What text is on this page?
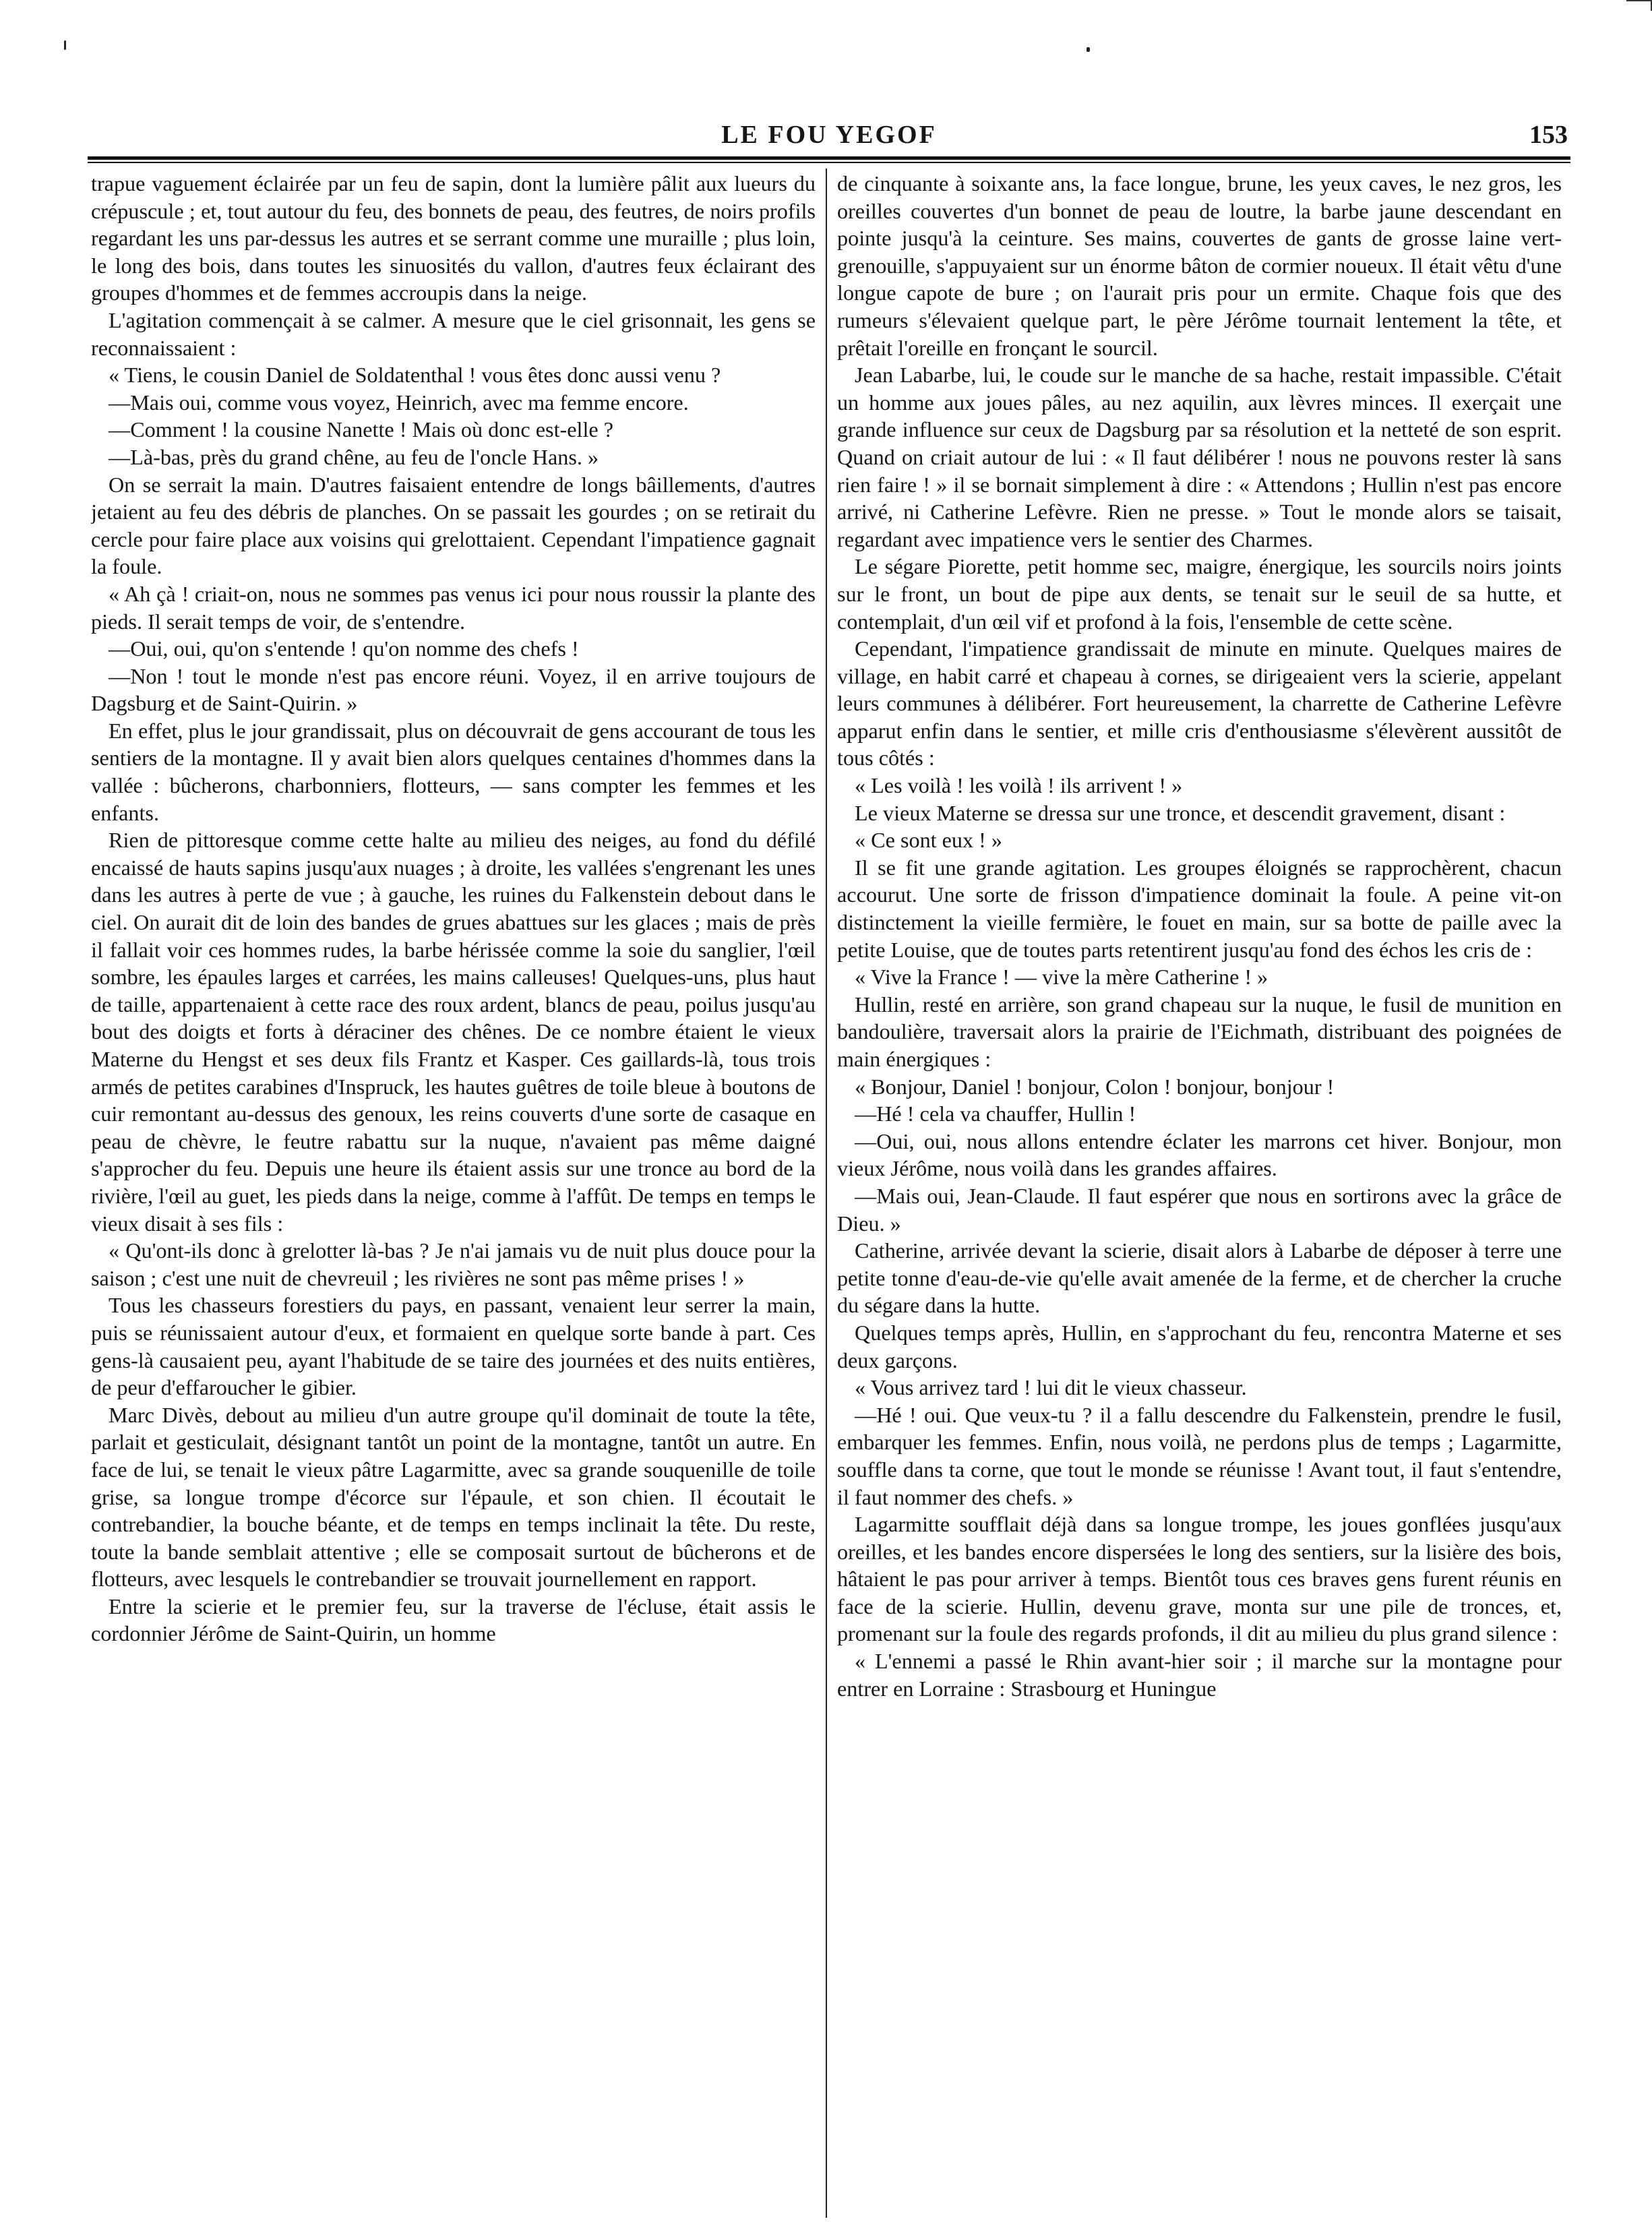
LE FOU YEGOF	153

trapue vaguement éclairée par un feu de sapin, dont la lumière pâlit aux lueurs du crépuscule ; et, tout autour du feu, des bonnets de peau, des feutres, de noirs profils regardant les uns par-dessus les autres et se serrant comme une muraille ; plus loin, le long des bois, dans toutes les sinuosités du vallon, d'autres feux éclairant des groupes d'hommes et de femmes accroupis dans la neige.

L'agitation commençait à se calmer. A mesure que le ciel grisonnait, les gens se reconnaissaient :

« Tiens, le cousin Daniel de Soldatenthal ! vous êtes donc aussi venu ?

—Mais oui, comme vous voyez, Heinrich, avec ma femme encore.

—Comment ! la cousine Nanette ! Mais où donc est-elle ?

—Là-bas, près du grand chêne, au feu de l'oncle Hans. »

On se serrait la main. D'autres faisaient entendre de longs bâillements, d'autres jetaient au feu des débris de planches. On se passait les gourdes ; on se retirait du cercle pour faire place aux voisins qui grelottaient. Cependant l'impatience gagnait la foule.

« Ah çà ! criait-on, nous ne sommes pas venus ici pour nous roussir la plante des pieds. Il serait temps de voir, de s'entendre.

—Oui, oui, qu'on s'entende ! qu'on nomme des chefs !

—Non ! tout le monde n'est pas encore réuni. Voyez, il en arrive toujours de Dagsburg et de Saint-Quirin. »

En effet, plus le jour grandissait, plus on découvrait de gens accourant de tous les sentiers de la montagne. Il y avait bien alors quelques centaines d'hommes dans la vallée : bûcherons, charbonniers, flotteurs, — sans compter les femmes et les enfants.

Rien de pittoresque comme cette halte au milieu des neiges, au fond du défilé encaissé de hauts sapins jusqu'aux nuages ; à droite, les vallées s'engrenant les unes dans les autres à perte de vue ; à gauche, les ruines du Falkenstein debout dans le ciel. On aurait dit de loin des bandes de grues abattues sur les glaces ; mais de près il fallait voir ces hommes rudes, la barbe hérissée comme la soie du sanglier, l'œil sombre, les épaules larges et carrées, les mains calleuses! Quelques-uns, plus haut de taille, appartenaient à cette race des roux ardent, blancs de peau, poilus jusqu'au bout des doigts et forts à déraciner des chênes. De ce nombre étaient le vieux Materne du Hengst et ses deux fils Frantz et Kasper. Ces gaillards-là, tous trois armés de petites carabines d'Inspruck, les hautes guêtres de toile bleue à boutons de cuir remontant au-dessus des genoux, les reins couverts d'une sorte de casaque en peau de chèvre, le feutre rabattu sur la nuque, n'avaient pas même daigné s'approcher du feu. Depuis une heure ils étaient assis sur une tronce au bord de la rivière, l'œil au guet, les pieds dans la neige, comme à l'affût. De temps en temps le vieux disait à ses fils :

« Qu'ont-ils donc à grelotter là-bas ? Je n'ai jamais vu de nuit plus douce pour la saison ; c'est une nuit de chevreuil ; les rivières ne sont pas même prises ! »

Tous les chasseurs forestiers du pays, en passant, venaient leur serrer la main, puis se réunissaient autour d'eux, et formaient en quelque sorte bande à part. Ces gens-là causaient peu, ayant l'habitude de se taire des journées et des nuits entières, de peur d'effaroucher le gibier.

Marc Divès, debout au milieu d'un autre groupe qu'il dominait de toute la tête, parlait et gesticulait, désignant tantôt un point de la montagne, tantôt un autre. En face de lui, se tenait le vieux pâtre Lagarmitte, avec sa grande souquenille de toile grise, sa longue trompe d'écorce sur l'épaule, et son chien. Il écoutait le contrebandier, la bouche béante, et de temps en temps inclinait la tête. Du reste, toute la bande semblait attentive ; elle se composait surtout de bûcherons et de flotteurs, avec lesquels le contrebandier se trouvait journellement en rapport.

Entre la scierie et le premier feu, sur la traverse de l'écluse, était assis le cordonnier Jérôme de Saint-Quirin, un homme

de cinquante à soixante ans, la face longue, brune, les yeux caves, le nez gros, les oreilles couvertes d'un bonnet de peau de loutre, la barbe jaune descendant en pointe jusqu'à la ceinture. Ses mains, couvertes de gants de grosse laine vert-grenouille, s'appuyaient sur un énorme bâton de cormier noueux. Il était vêtu d'une longue capote de bure ; on l'aurait pris pour un ermite. Chaque fois que des rumeurs s'élevaient quelque part, le père Jérôme tournait lentement la tête, et prêtait l'oreille en fronçant le sourcil.

Jean Labarbe, lui, le coude sur le manche de sa hache, restait impassible. C'était un homme aux joues pâles, au nez aquilin, aux lèvres minces. Il exerçait une grande influence sur ceux de Dagsburg par sa résolution et la netteté de son esprit. Quand on criait autour de lui : « Il faut délibérer ! nous ne pouvons rester là sans rien faire ! » il se bornait simplement à dire : « Attendons ; Hullin n'est pas encore arrivé, ni Catherine Lefèvre. Rien ne presse. » Tout le monde alors se taisait, regardant avec impatience vers le sentier des Charmes.

Le ségare Piorette, petit homme sec, maigre, énergique, les sourcils noirs joints sur le front, un bout de pipe aux dents, se tenait sur le seuil de sa hutte, et contemplait, d'un œil vif et profond à la fois, l'ensemble de cette scène.

Cependant, l'impatience grandissait de minute en minute. Quelques maires de village, en habit carré et chapeau à cornes, se dirigeaient vers la scierie, appelant leurs communes à délibérer. Fort heureusement, la charrette de Catherine Lefèvre apparut enfin dans le sentier, et mille cris d'enthousiasme s'élevèrent aussitôt de tous côtés :

« Les voilà ! les voilà ! ils arrivent ! »

Le vieux Materne se dressa sur une tronce, et descendit gravement, disant :

« Ce sont eux ! »

Il se fit une grande agitation. Les groupes éloignés se rapprochèrent, chacun accourut. Une sorte de frisson d'impatience dominait la foule. A peine vit-on distinctement la vieille fermière, le fouet en main, sur sa botte de paille avec la petite Louise, que de toutes parts retentirent jusqu'au fond des échos les cris de :

« Vive la France ! — vive la mère Catherine ! »

Hullin, resté en arrière, son grand chapeau sur la nuque, le fusil de munition en bandoulière, traversait alors la prairie de l'Eichmath, distribuant des poignées de main énergiques :

« Bonjour, Daniel ! bonjour, Colon ! bonjour, bonjour !

—Hé ! cela va chauffer, Hullin !

—Oui, oui, nous allons entendre éclater les marrons cet hiver. Bonjour, mon vieux Jérôme, nous voilà dans les grandes affaires.

—Mais oui, Jean-Claude. Il faut espérer que nous en sortirons avec la grâce de Dieu. »

Catherine, arrivée devant la scierie, disait alors à Labarbe de déposer à terre une petite tonne d'eau-de-vie qu'elle avait amenée de la ferme, et de chercher la cruche du ségare dans la hutte.

Quelques temps après, Hullin, en s'approchant du feu, rencontra Materne et ses deux garçons.

« Vous arrivez tard ! lui dit le vieux chasseur.

—Hé ! oui. Que veux-tu ? il a fallu descendre du Falkenstein, prendre le fusil, embarquer les femmes. Enfin, nous voilà, ne perdons plus de temps ; Lagarmitte, souffle dans ta corne, que tout le monde se réunisse ! Avant tout, il faut s'entendre, il faut nommer des chefs. »

Lagarmitte soufflait déjà dans sa longue trompe, les joues gonflées jusqu'aux oreilles, et les bandes encore dispersées le long des sentiers, sur la lisière des bois, hâtaient le pas pour arriver à temps. Bientôt tous ces braves gens furent réunis en face de la scierie. Hullin, devenu grave, monta sur une pile de tronces, et, promenant sur la foule des regards profonds, il dit au milieu du plus grand silence :

« L'ennemi a passé le Rhin avant-hier soir ; il marche sur la montagne pour entrer en Lorraine : Strasbourg et Huningue
